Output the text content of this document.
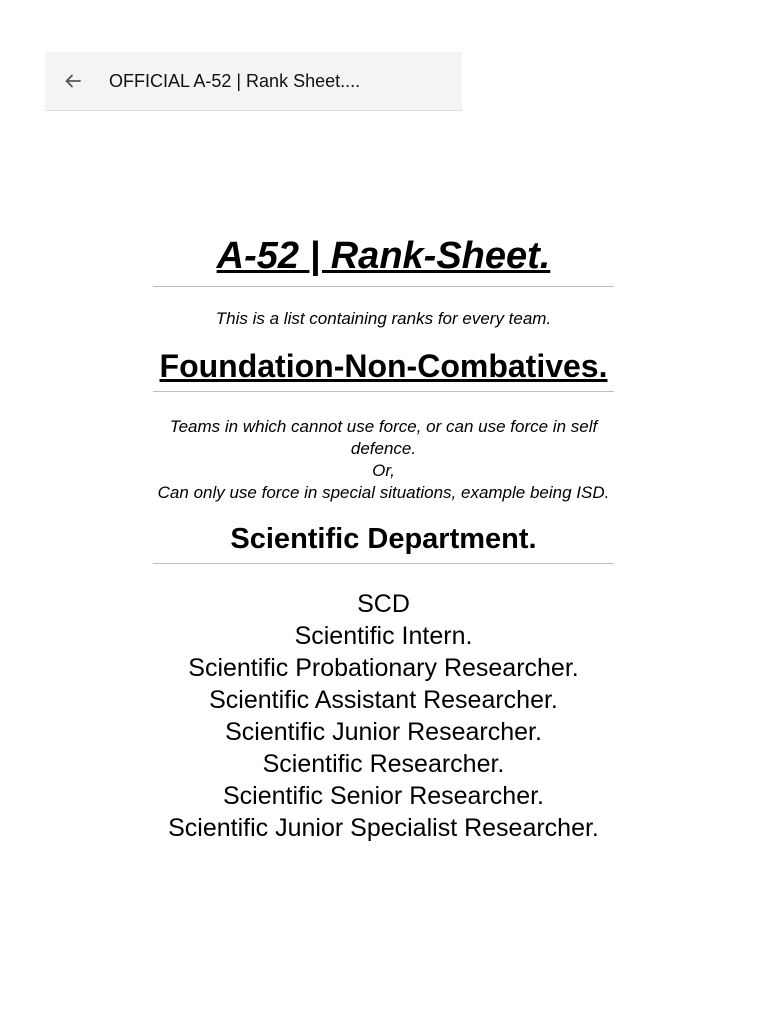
OFFICIAL A-52 | Rank Sheet....
A-52 | Rank-Sheet.

This is a list containing ranks for every team.

Foundation-Non-Combatives.
Teams in which cannot use force, or can use force in self defence.
Or,
Can only use force in special situations, example being ISD.
Scientific Department.
SCD
Scientific Intern.
Scientific Probationary Researcher.
Scientific Assistant Researcher.
Scientific Junior Researcher.
Scientific Researcher.
Scientific Senior Researcher.
Scientific Junior Specialist Researcher.
